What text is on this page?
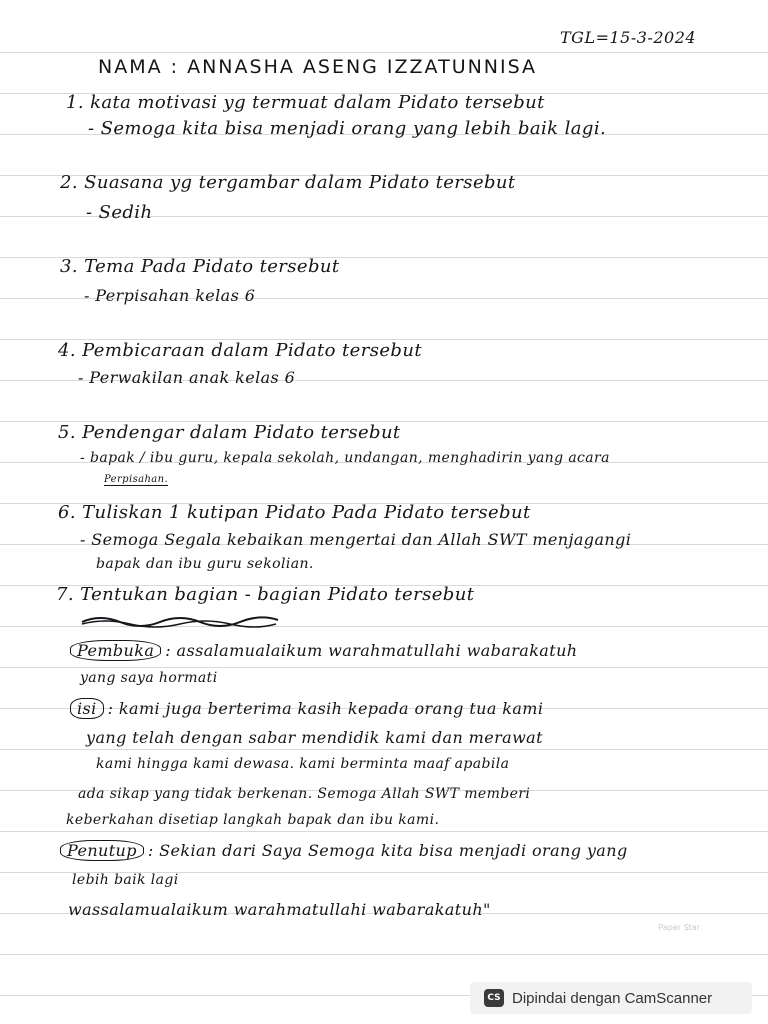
TGL=15-3-2024
NAMA : ANNASHA ASENG IZZATUNNISA
1. kata motivasi yg termuat dalam Pidato tersebut
- Semoga kita bisa menjadi orang yang lebih baik lagi.
2. Suasana yg tergambar dalam Pidato tersebut
- Sedih
3. Tema Pada Pidato tersebut
- Perpisahan kelas 6
4. Pembicaraan dalam Pidato tersebut
- Perwakilan anak kelas 6
5. Pendengar dalam Pidato tersebut
- bapak / ibu guru, kepala sekolah, undangan, menghadirin yang acara
Perpisahan.
6. Tuliskan 1 kutipan Pidato Pada Pidato tersebut
- Semoga Segala kebaikan mengertai dan Allah SWT menjagangi
bapak dan ibu guru sekolian.
7. Tentukan bagian - bagian Pidato tersebut
Pembuka : assalamualaikum warahmatullahi wabarakatuh
yang saya hormati
isi : kami juga berterima kasih kepada orang tua kami
yang telah dengan sabar mendidik kami dan merawat
kami hingga kami dewasa. kami berminta maaf apabila
ada sikap yang tidak berkenan. Semoga Allah SWT memberi
keberkahan disetiap langkah bapak dan ibu kami.
Penutup : Sekian dari Saya Semoga kita bisa menjadi orang yang
lebih baik lagi
wassalamualaikum warahmatullahi wabarakatuh"
Paper Star
CS Dipindai dengan CamScanner
